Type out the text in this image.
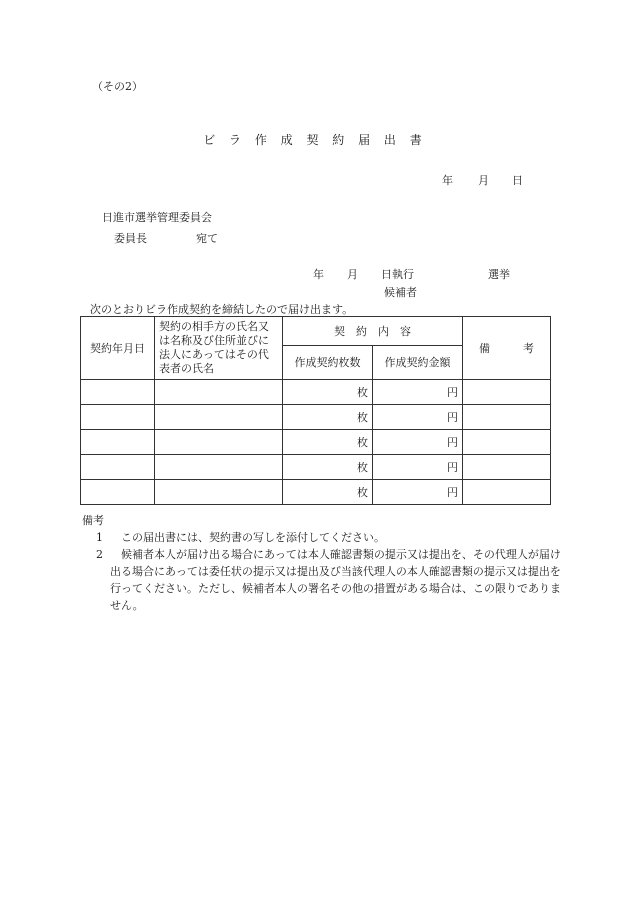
（その2）
ビ ラ 作 成 契 約 届 出 書
年 月 日
日進市選挙管理委員会
委員長	宛て
年 月 日執行	選挙
候補者
次のとおりビラ作成契約を締結したので届け出ます。
契約年月日	契約の相手方の氏名又は名称及び住所並びに法人にあってはその代表者の氏名	契　約　内　容		備　　　考
		作成契約枚数	作成契約金額	
		枚	円	
		枚	円	
		枚	円	
		枚	円	
		枚	円	
備考
1 　 この届出書には、契約書の写しを添付してください。
2 　 候補者本人が届け出る場合にあっては本人確認書類の提示又は提出を、その代理人が届け出る場合にあっては委任状の提示又は提出及び当該代理人の本人確認書類の提示又は提出を行ってください。ただし、候補者本人の署名その他の措置がある場合は、この限りでありません。
